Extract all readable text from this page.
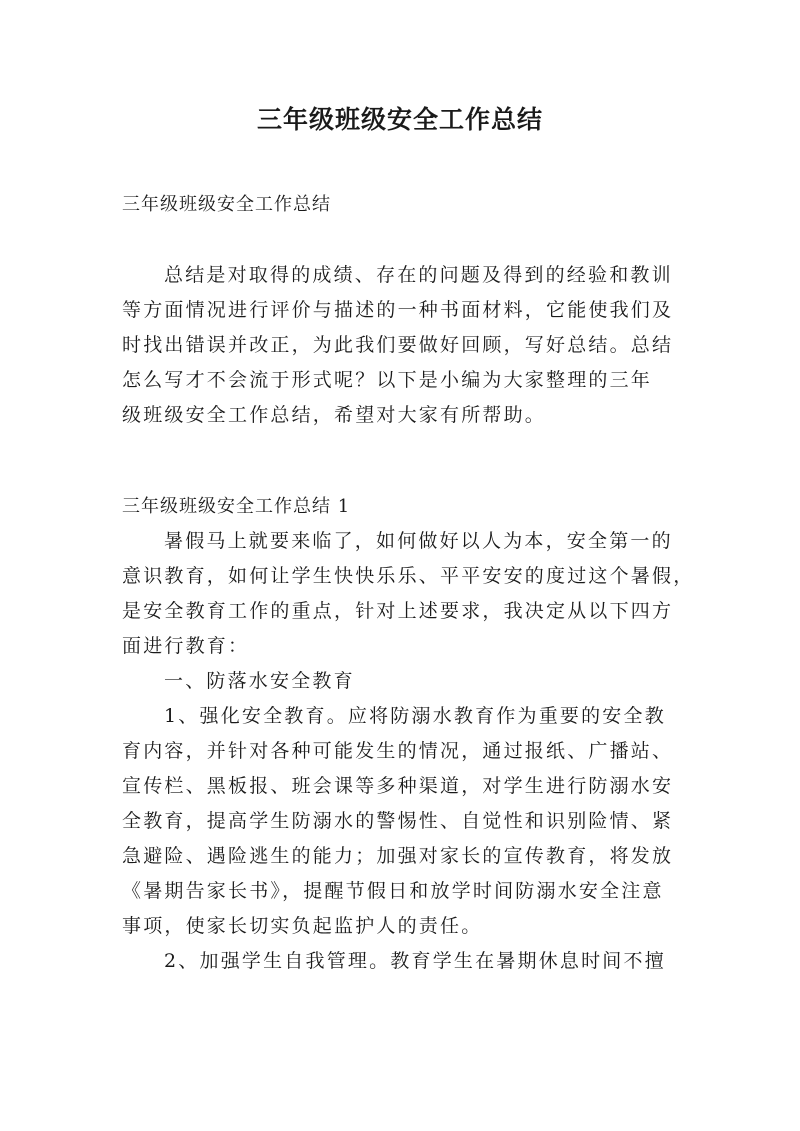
三年级班级安全工作总结
三年级班级安全工作总结
总结是对取得的成绩、存在的问题及得到的经验和教训
等方面情况进行评价与描述的一种书面材料，它能使我们及
时找出错误并改正，为此我们要做好回顾，写好总结。总结
怎么写才不会流于形式呢？以下是小编为大家整理的三年
级班级安全工作总结，希望对大家有所帮助。
三年级班级安全工作总结 1
暑假马上就要来临了，如何做好以人为本，安全第一的
意识教育，如何让学生快快乐乐、平平安安的度过这个暑假，
是安全教育工作的重点，针对上述要求，我决定从以下四方
面进行教育：
一、防落水安全教育
1、强化安全教育。应将防溺水教育作为重要的安全教
育内容，并针对各种可能发生的情况，通过报纸、广播站、
宣传栏、黑板报、班会课等多种渠道，对学生进行防溺水安
全教育，提高学生防溺水的警惕性、自觉性和识别险情、紧
急避险、遇险逃生的能力；加强对家长的宣传教育，将发放
《暑期告家长书》，提醒节假日和放学时间防溺水安全注意
事项，使家长切实负起监护人的责任。
2、加强学生自我管理。教育学生在暑期休息时间不擅
